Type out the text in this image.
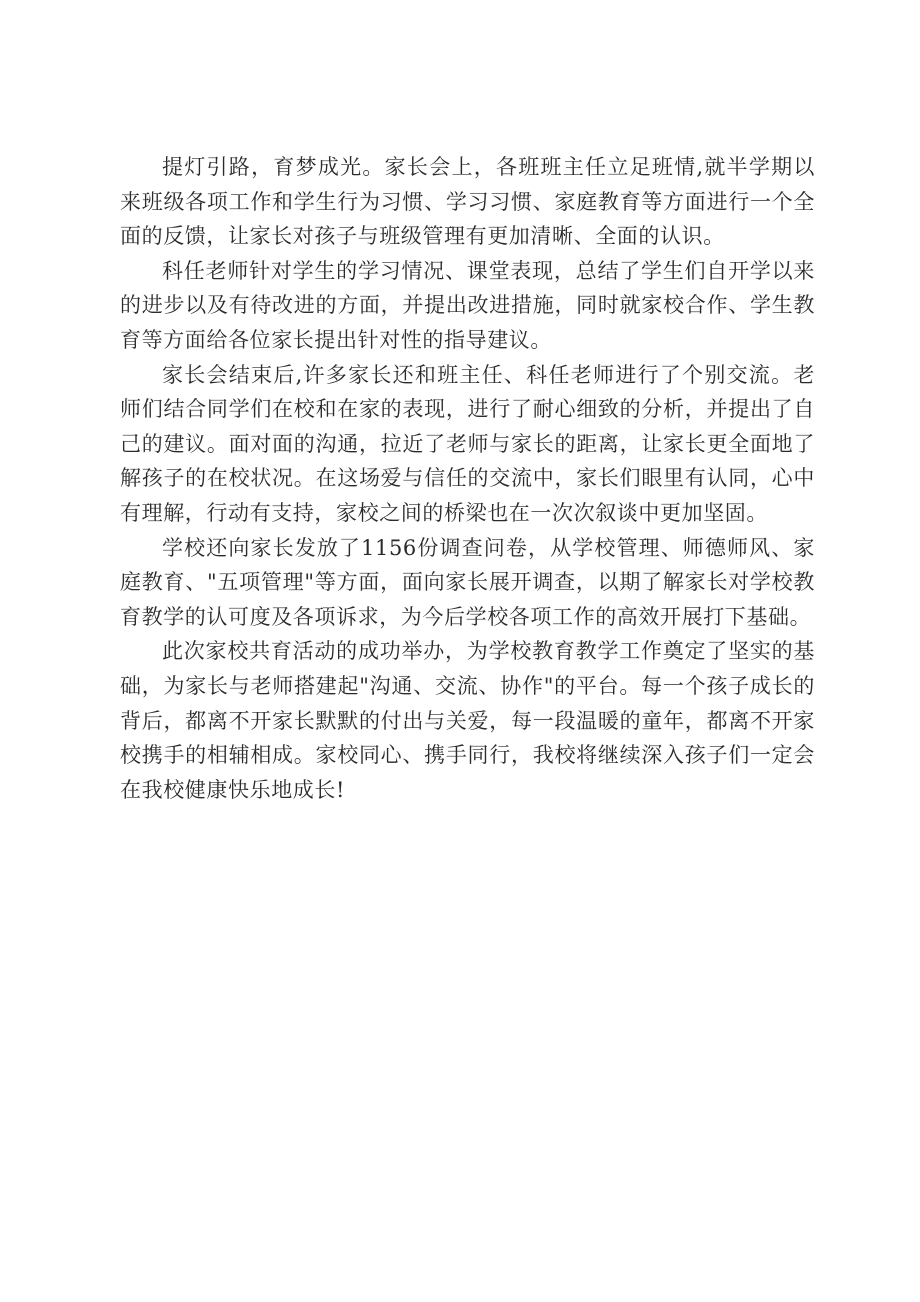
提灯引路，育梦成光。家长会上，各班班主任立足班情,就半学期以来班级各项工作和学生行为习惯、学习习惯、家庭教育等方面进行一个全面的反馈，让家长对孩子与班级管理有更加清晰、全面的认识。

科任老师针对学生的学习情况、课堂表现，总结了学生们自开学以来的进步以及有待改进的方面，并提出改进措施，同时就家校合作、学生教育等方面给各位家长提出针对性的指导建议。

家长会结束后,许多家长还和班主任、科任老师进行了个别交流。老师们结合同学们在校和在家的表现，进行了耐心细致的分析，并提出了自己的建议。面对面的沟通，拉近了老师与家长的距离，让家长更全面地了解孩子的在校状况。在这场爱与信任的交流中，家长们眼里有认同，心中有理解，行动有支持，家校之间的桥梁也在一次次叙谈中更加坚固。

学校还向家长发放了1156份调查问卷，从学校管理、师德师风、家庭教育、"五项管理"等方面，面向家长展开调查，以期了解家长对学校教育教学的认可度及各项诉求，为今后学校各项工作的高效开展打下基础。

此次家校共育活动的成功举办，为学校教育教学工作奠定了坚实的基础，为家长与老师搭建起"沟通、交流、协作"的平台。每一个孩子成长的背后，都离不开家长默默的付出与关爱，每一段温暖的童年，都离不开家校携手的相辅相成。家校同心、携手同行，我校将继续深入孩子们一定会在我校健康快乐地成长!
